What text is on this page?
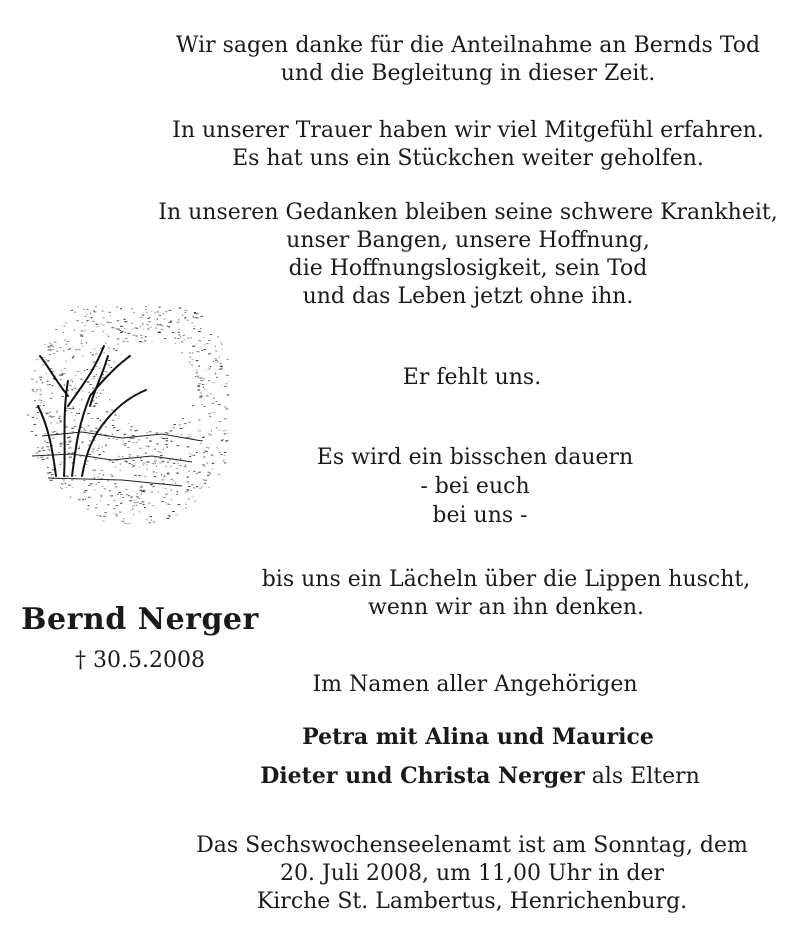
Wir sagen danke für die Anteilnahme an Bernds Tod
und die Begleitung in dieser Zeit.
In unserer Trauer haben wir viel Mitgefühl erfahren.
Es hat uns ein Stückchen weiter geholfen.
In unseren Gedanken bleiben seine schwere Krankheit,
unser Bangen, unsere Hoffnung,
die Hoffnungslosigkeit, sein Tod
und das Leben jetzt ohne ihn.
Er fehlt uns.
Es wird ein bisschen dauern
- bei euch
bei uns -
bis uns ein Lächeln über die Lippen huscht,
wenn wir an ihn denken.
Bernd Nerger
† 30.5.2008
Im Namen aller Angehörigen
Petra mit Alina und Maurice
Dieter und Christa Nerger als Eltern
Das Sechswochenseelenamt ist am Sonntag, dem
20. Juli 2008, um 11,00 Uhr in der
Kirche St. Lambertus, Henrichenburg.
